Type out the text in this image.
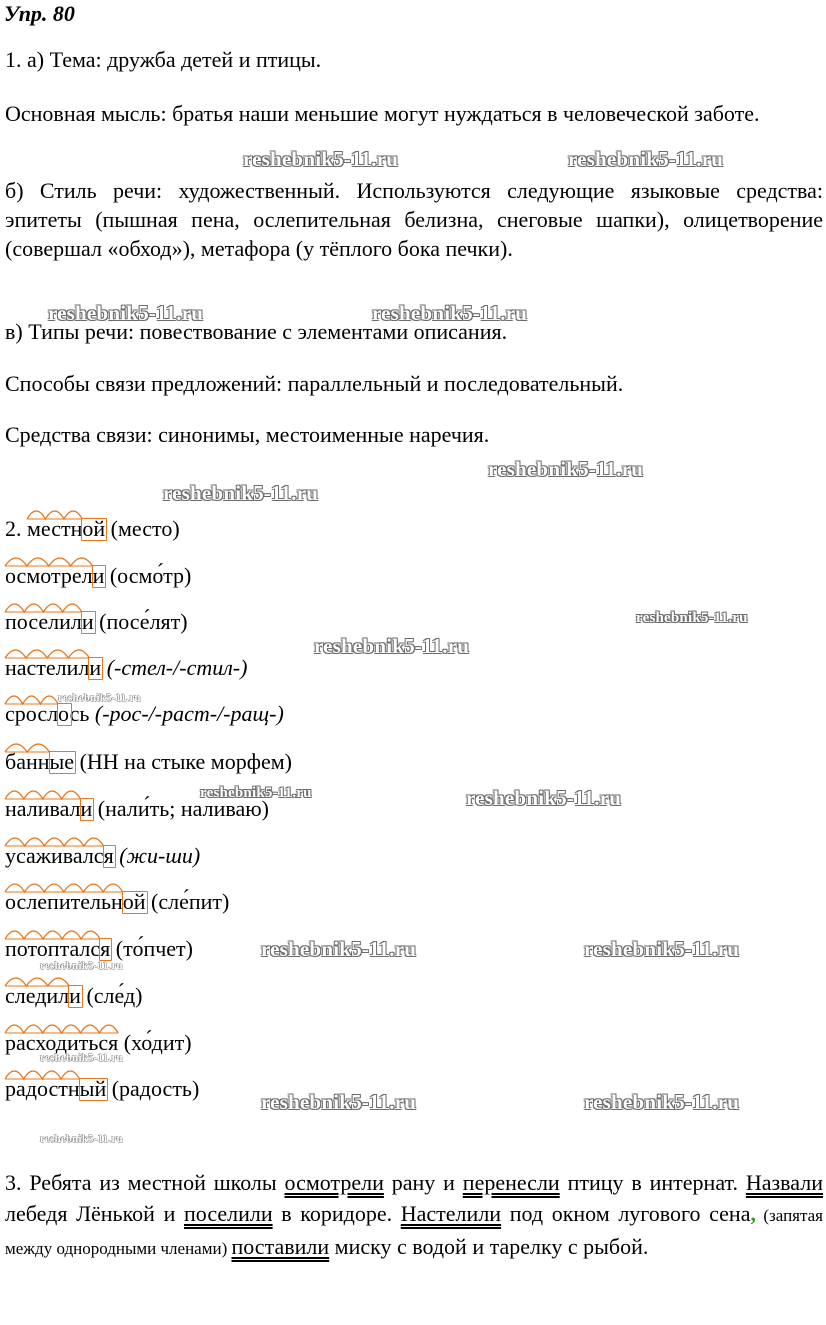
Упр. 80
1. а) Тема: дружба детей и птицы.
Основная мысль: братья наши меньшие могут нуждаться в человеческой заботе.
б) Стиль речи: художественный. Используются следующие языковые средства: эпитеты (пышная пена, ослепительная белизна, снеговые шапки), олицетворение (совершал «обход»), метафора (у тёплого бока печки).
в) Типы речи: повествование с элементами описания.
Способы связи предложений: параллельный и последовательный.
Средства связи: синонимы, местоименные наречия.
2. местной
(место)
осмотрели
(осмо́тр)
поселили
(посе́лят)
настелили
(-стел-/-стил-)
срослось
(-рос-/-раст-/-ращ-)
банные
(НН на стыке морфем)
наливали
(нали́ть; наливаю)
усаживался
(жи-ши)
ослепительной
(сле́пит)
потоптался
(то́пчет)
следили
(сле́д)
расходиться
(хо́дит)
радостный
(радость)
3. Ребята из местной школы осмотрели рану и перенесли птицу в интернат. Назвали лебедя Лёнькой и поселили в коридоре. Настелили под окном лугового сена, (запятая между однородными членами) поставили миску с водой и тарелку с рыбой.
reshebnik5-11.ru	reshebnik5-11.ru
reshebnik5-11.ru	reshebnik5-11.ru
reshebnik5-11.ru
reshebnik5-11.ru
reshebnik5-11.ru
reshebnik5-11.ru
reshebnik5-11.ru
reshebnik5-11.ru	reshebnik5-11.ru
reshebnik5-11.ru	reshebnik5-11.ru
reshebnik5-11.ru
reshebnik5-11.ru
reshebnik5-11.ru	reshebnik5-11.ru
reshebnik5-11.ru
